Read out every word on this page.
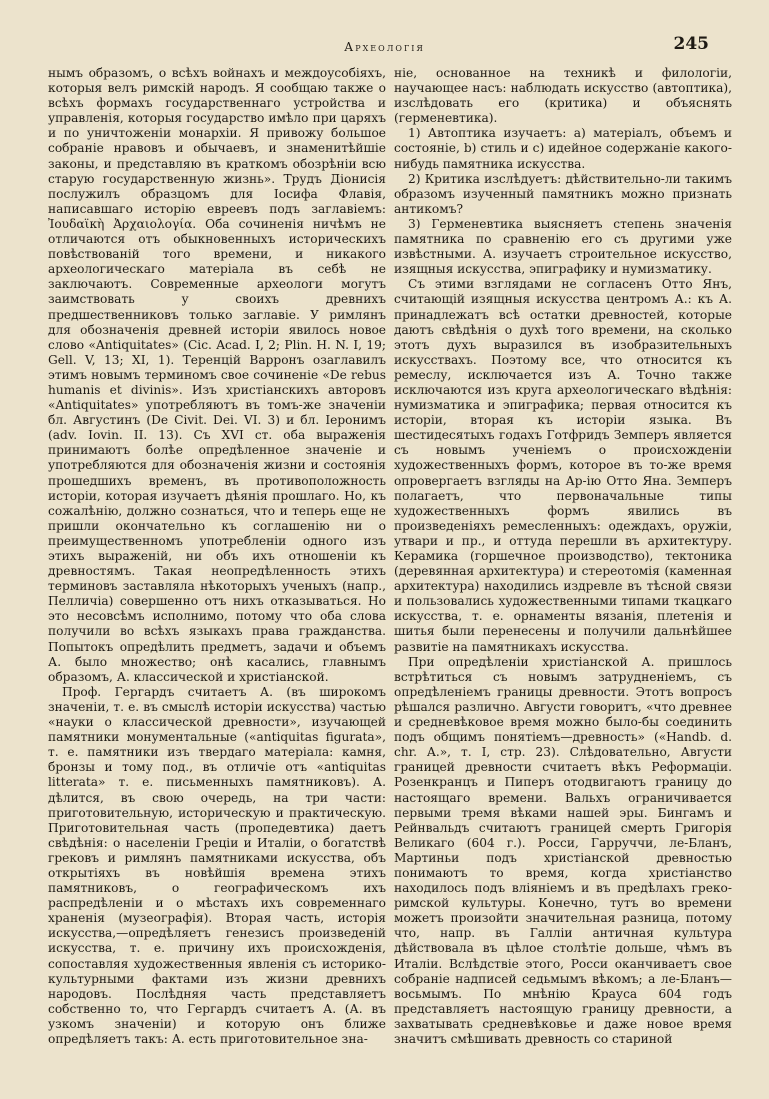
Археологія	245

нымъ образомъ, о всѣхъ войнахъ и междоусобіяхъ, которыя велъ римскій народъ. Я сообщаю также о всѣхъ формахъ государственнаго устройства и управленія, которыя государство имѣло при царяхъ и по уничтоженіи монархіи. Я привожу большое собраніе нравовъ и обычаевъ, и знаменитѣйшіе законы, и представляю въ краткомъ обозрѣніи всю старую государственную жизнь». Трудъ Діонисія послужилъ образцомъ для Іосифа Флавія, написавшаго исторію евреевъ подъ заглавіемъ: Ἰουδαϊκὴ Ἀρχαιολογία. Оба сочиненія ничѣмъ не отличаются отъ обыкновенныхъ историческихъ повѣствованій того времени, и никакого археологическаго матеріала въ себѣ не заключаютъ. Современные археологи могутъ заимствовать у своихъ древнихъ предшественниковъ только заглавіе. У римлянъ для обозначенія древней исторіи явилось новое слово «Antiquitates» (Cic. Acad. I, 2; Plin. H. N. I, 19; Gell. V, 13; XI, 1). Теренцій Варронъ озаглавилъ этимъ новымъ терминомъ свое сочиненіе «De rebus humanis et divinis». Изъ христіанскихъ авторовъ «Antiquitates» употребляютъ въ томъ-же значеніи бл. Августинъ (De Civit. Dei. VI. 3) и бл. Іеронимъ (adv. Iovin. II. 13). Съ XVI ст. оба выраженія принимаютъ болѣе опредѣленное значеніе и употребляются для обозначенія жизни и состоянія прошедшихъ временъ, въ противоположность исторіи, которая изучаетъ дѣянія прошлаго. Но, къ сожалѣнію, должно сознаться, что и теперь еще не пришли окончательно къ соглашенію ни о преимущественномъ употребленіи одного изъ этихъ выраженій, ни объ ихъ отношеніи къ древностямъ. Такая неопредѣленность этихъ терминовъ заставляла нѣкоторыхъ ученыхъ (напр., Пелличіа) совершенно отъ нихъ отказываться. Но это несовсѣмъ исполнимо, потому что оба слова получили во всѣхъ языкахъ права гражданства. Попытокъ опредѣлить предметъ, задачи и объемъ А. было множество; онѣ касались, главнымъ образомъ, А. классической и христіанской.

Проф. Гергардъ считаетъ А. (въ широкомъ значеніи, т. е. въ смыслѣ исторіи искусства) частью «науки о классической древности», изучающей памятники монументальные («antiquitas figurata», т. е. памятники изъ твердаго матеріала: камня, бронзы и тому под., въ отличіе отъ «antiquitas litterata» т. е. письменныхъ памятниковъ). А. дѣлится, въ свою очередь, на три части: приготовительную, историческую и практическую. Приготовительная часть (пропедевтика) даетъ свѣдѣнія: о населеніи Греціи и Италіи, о богатствѣ грековъ и римлянъ памятниками искусства, объ открытіяхъ въ новѣйшія времена этихъ памятниковъ, о географическомъ ихъ распредѣленіи и о мѣстахъ ихъ современнаго храненія (музеографія). Вторая часть, исторія искусства,—опредѣляетъ генезисъ произведеній искусства, т. е. причину ихъ происхожденія, сопоставляя художественныя явленія съ историко-культурными фактами изъ жизни древнихъ народовъ. Послѣдняя часть представляетъ собственно то, что Гергардъ считаетъ А. (А. въ узкомъ значеніи) и которую онъ ближе опредѣляетъ такъ: А. есть приготовительное зна-

ніе, основанное на техникѣ и филологіи, научающее насъ: наблюдать искусство (автоптика), изслѣдовать его (критика) и объяснять (герменевтика).

1) Автоптика изучаетъ: a) матеріалъ, объемъ и состояніе, b) стиль и c) идейное содержаніе какого-нибудь памятника искусства.

2) Критика изслѣдуетъ: дѣйствительно-ли такимъ образомъ изученный памятникъ можно признать антикомъ?

3) Герменевтика выясняетъ степень значенія памятника по сравненію его съ другими уже извѣстными. А. изучаетъ строительное искусство, изящныя искусства, эпиграфику и нумизматику.

Съ этими взглядами не согласенъ Отто Янъ, считающій изящныя искусства центромъ А.: къ А. принадлежатъ всѣ остатки древностей, которые даютъ свѣдѣнія о духѣ того времени, на сколько этотъ духъ выразился въ изобразительныхъ искусствахъ. Поэтому все, что относится къ ремеслу, исключается изъ А. Точно также исключаются изъ круга археологическаго вѣдѣнія: нумизматика и эпиграфика; первая относится къ исторіи, вторая къ исторіи языка. Въ шестидесятыхъ годахъ Готфридъ Земперъ является съ новымъ ученіемъ о происхожденіи художественныхъ формъ, которое въ то-же время опровергаетъ взгляды на Ар-ію Отто Яна. Земперъ полагаетъ, что первоначальные типы художественныхъ формъ явились въ произведеніяхъ ремесленныхъ: одеждахъ, оружіи, утвари и пр., и оттуда перешли въ архитектуру. Керамика (горшечное производство), тектоника (деревянная архитектура) и стереотомія (каменная архитектура) находились издревле въ тѣсной связи и пользовались художественными типами ткацкаго искусства, т. е. орнаменты вязанія, плетенія и шитья были перенесены и получили дальнѣйшее развитіе на памятникахъ искусства.

При опредѣленіи христіанской А. пришлось встрѣтиться съ новымъ затрудненіемъ, съ опредѣленіемъ границы древности. Этотъ вопросъ рѣшался различно. Августи говоритъ, «что древнее и средневѣковое время можно было-бы соединить подъ общимъ понятіемъ—древность» («Handb. d. chr. A.», т. I, стр. 23). Слѣдовательно, Августи границей древности считаетъ вѣкъ Реформаціи. Розенкранцъ и Пиперъ отодвигаютъ границу до настоящаго времени. Вальхъ ограничивается первыми тремя вѣками нашей эры. Бингамъ и Рейнвальдъ считаютъ границей смерть Григорія Великаго (604 г.). Росси, Гарруччи, ле-Бланъ, Мартиньи подъ христіанской древностью понимаютъ то время, когда христіанство находилось подъ вліяніемъ и въ предѣлахъ греко-римской культуры. Конечно, тутъ во времени можетъ произойти значительная разница, потому что, напр. въ Галліи античная культура дѣйствовала въ цѣлое столѣтіе дольше, чѣмъ въ Италіи. Вслѣдствіе этого, Росси оканчиваетъ свое собраніе надписей седьмымъ вѣкомъ; а ле-Бланъ—восьмымъ. По мнѣнію Крауса 604 годъ представляетъ настоящую границу древности, а захватывать средневѣковье и даже новое время значитъ смѣшивать древность со стариной
